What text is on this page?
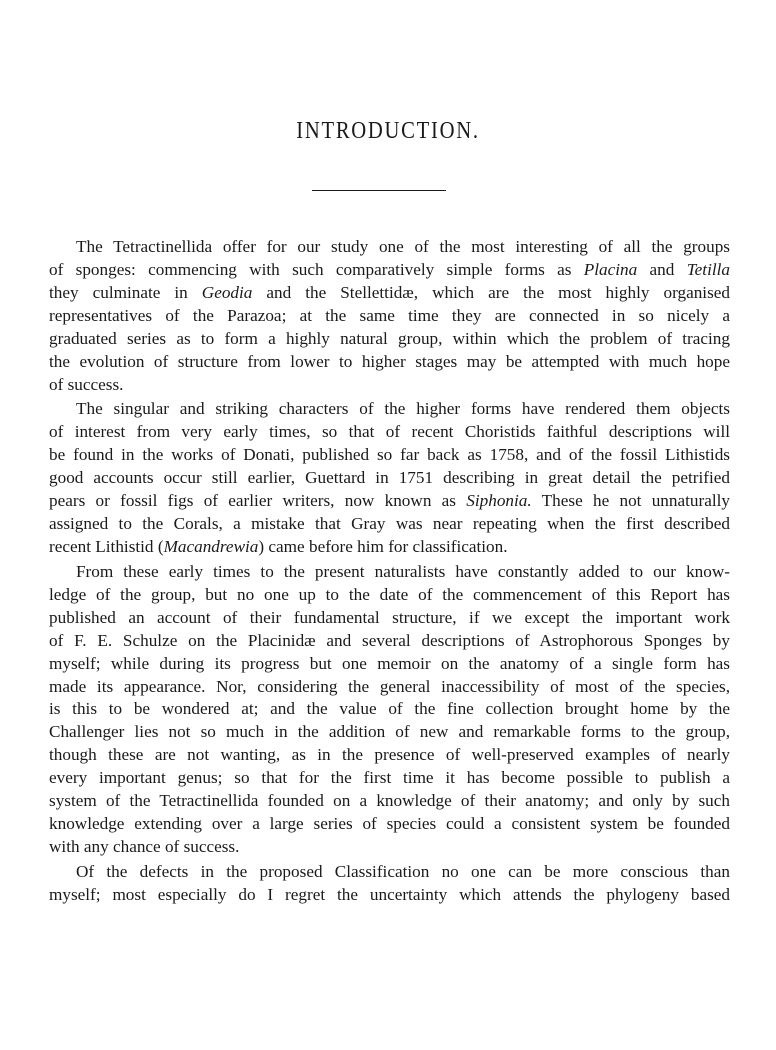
INTRODUCTION.
The Tetractinellida offer for our study one of the most interesting of all the groups
of sponges: commencing with such comparatively simple forms as Placina and Tetilla
they culminate in Geodia and the Stellettidæ, which are the most highly organised
representatives of the Parazoa; at the same time they are connected in so nicely a
graduated series as to form a highly natural group, within which the problem of tracing
the evolution of structure from lower to higher stages may be attempted with much hope
of success.
The singular and striking characters of the higher forms have rendered them objects
of interest from very early times, so that of recent Choristids faithful descriptions will
be found in the works of Donati, published so far back as 1758, and of the fossil Lithistids
good accounts occur still earlier, Guettard in 1751 describing in great detail the petrified
pears or fossil figs of earlier writers, now known as Siphonia. These he not unnaturally
assigned to the Corals, a mistake that Gray was near repeating when the first described
recent Lithistid (Macandrewia) came before him for classification.
From these early times to the present naturalists have constantly added to our know-
ledge of the group, but no one up to the date of the commencement of this Report has
published an account of their fundamental structure, if we except the important work
of F. E. Schulze on the Placinidæ and several descriptions of Astrophorous Sponges by
myself; while during its progress but one memoir on the anatomy of a single form has
made its appearance. Nor, considering the general inaccessibility of most of the species,
is this to be wondered at; and the value of the fine collection brought home by the
Challenger lies not so much in the addition of new and remarkable forms to the group,
though these are not wanting, as in the presence of well-preserved examples of nearly
every important genus; so that for the first time it has become possible to publish a
system of the Tetractinellida founded on a knowledge of their anatomy; and only by such
knowledge extending over a large series of species could a consistent system be founded
with any chance of success.
Of the defects in the proposed Classification no one can be more conscious than
myself; most especially do I regret the uncertainty which attends the phylogeny based
